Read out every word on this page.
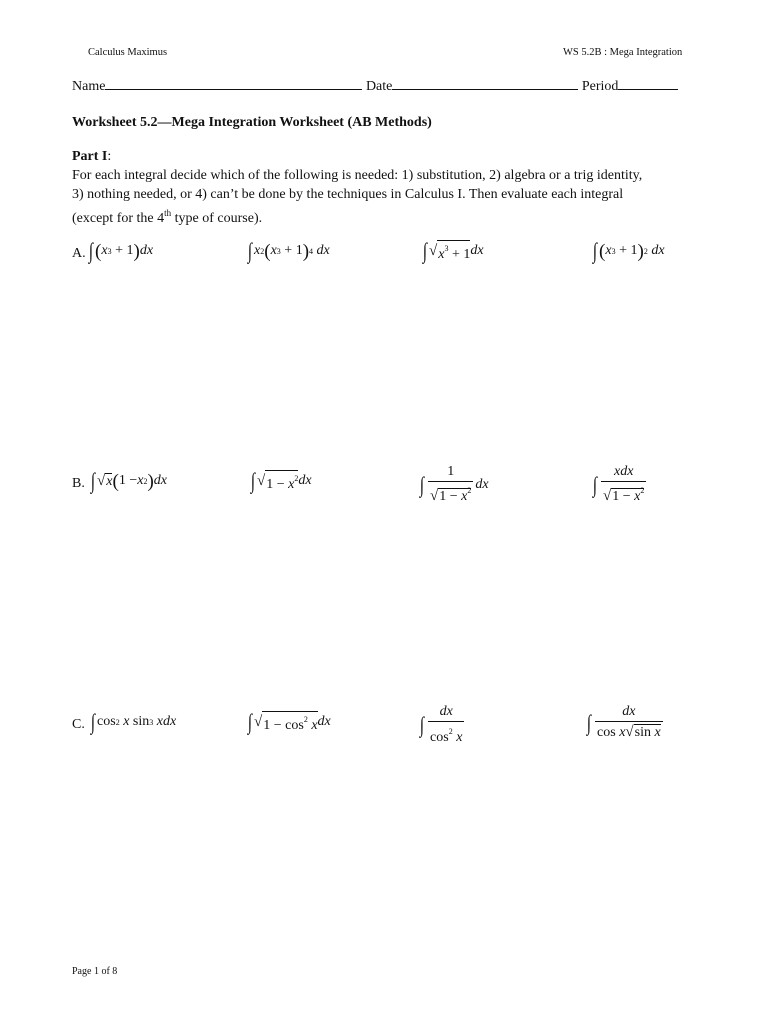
Calculus Maximus	WS 5.2B : Mega Integration
Name	Date	Period
Worksheet 5.2—Mega Integration Worksheet (AB Methods)
Part I:
For each integral decide which of the following is needed: 1) substitution, 2) algebra or a trig identity,
3) nothing needed, or 4) can’t be done by the techniques in Calculus I. Then evaluate each integral
(except for the 4th type of course).
A. ∫ ( x 3 + 1 ) dx	∫ x 2 ( x 3 + 1 ) 4 dx	∫ √ $x^3 + 1$ dx	∫ ( x 3 + 1 ) 2 dx
B. ∫ √ x ( 1 − x 2 ) dx	∫ √ $1 - x^2$ dx	∫ $\frac{1}{√1 - x^2}$ dx	∫ $\frac{\text{xdx}}{√1 - x^2}$
C. ∫ cos 2 x sin 3 xdx	∫ √ $1 - \cos^2 x$ dx	∫ $\frac{dx}{\cos^2 x}$	∫ $\frac{dx}{\text{cos x√sin x}}$
Page 1 of 8
